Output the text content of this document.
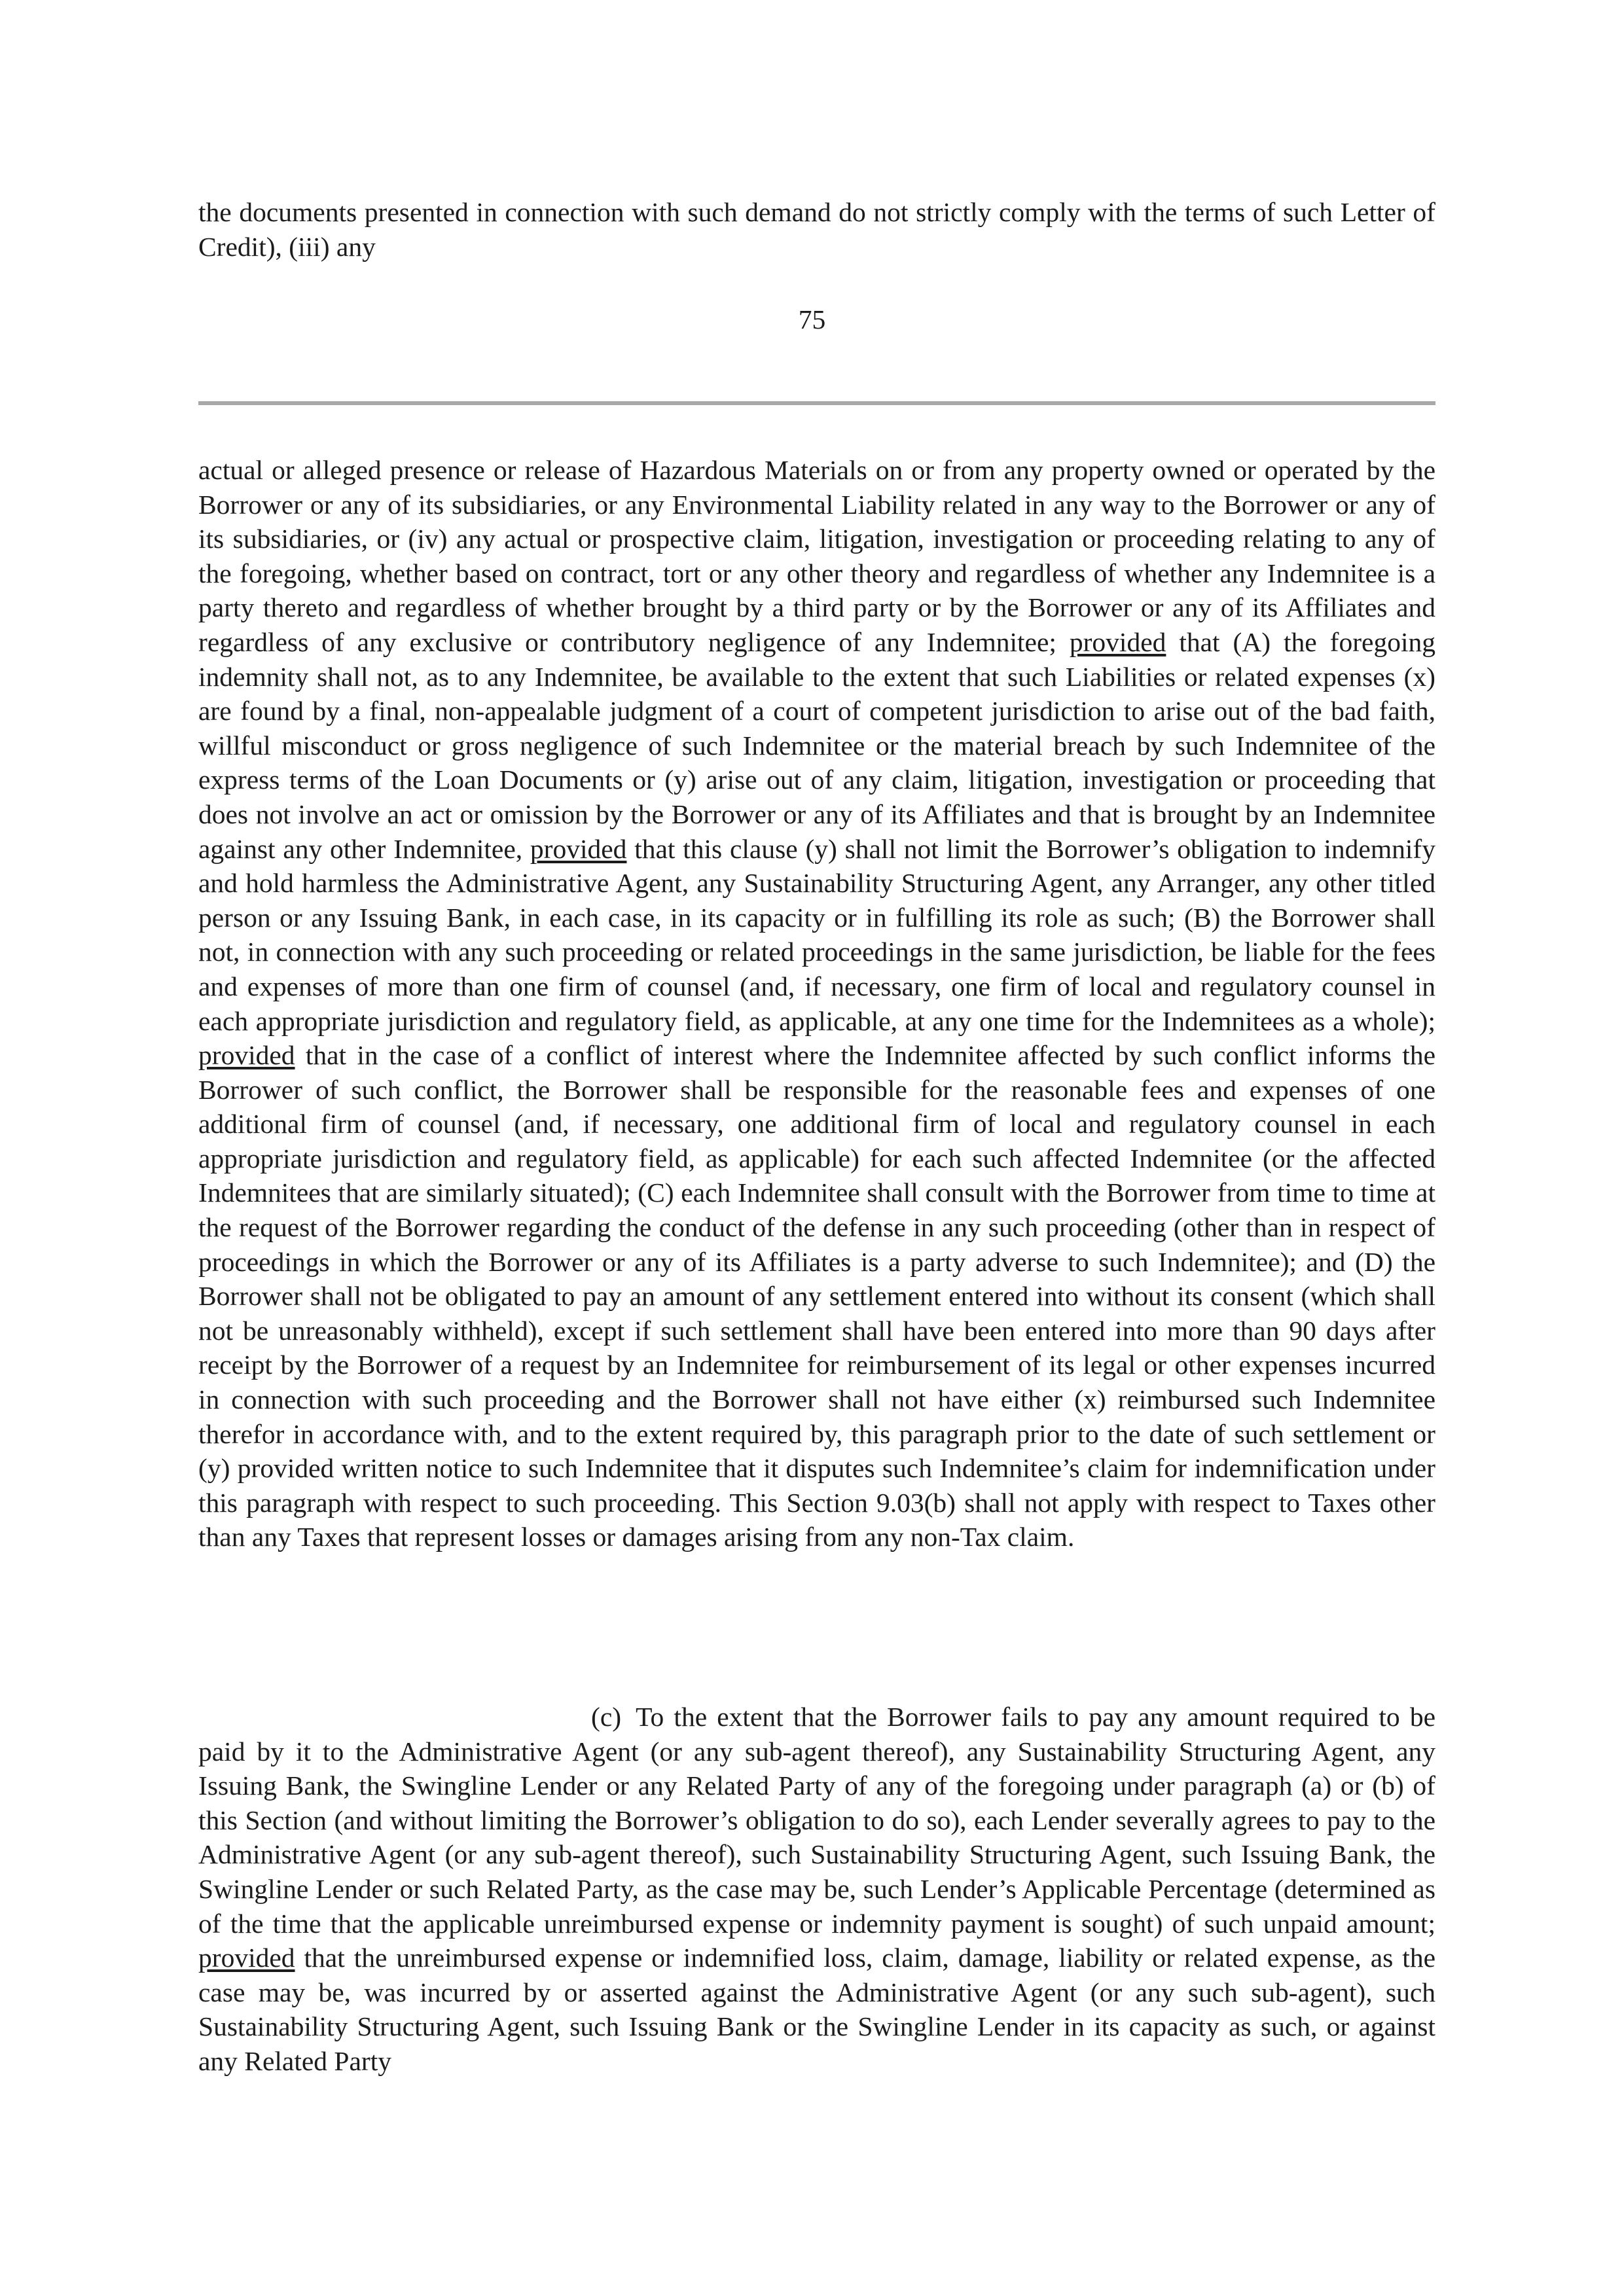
the documents presented in connection with such demand do not strictly comply with the terms of such Letter of Credit), (iii) any

75

actual or alleged presence or release of Hazardous Materials on or from any property owned or operated by the Borrower or any of its subsidiaries, or any Environmental Liability related in any way to the Borrower or any of its subsidiaries, or (iv) any actual or prospective claim, litigation, investigation or proceeding relating to any of the foregoing, whether based on contract, tort or any other theory and regardless of whether any Indemnitee is a party thereto and regardless of whether brought by a third party or by the Borrower or any of its Affiliates and regardless of any exclusive or contributory negligence of any Indemnitee; provided that (A) the foregoing indemnity shall not, as to any Indemnitee, be available to the extent that such Liabilities or related expenses (x) are found by a final, non-appealable judgment of a court of competent jurisdiction to arise out of the bad faith, willful misconduct or gross negligence of such Indemnitee or the material breach by such Indemnitee of the express terms of the Loan Documents or (y) arise out of any claim, litigation, investigation or proceeding that does not involve an act or omission by the Borrower or any of its Affiliates and that is brought by an Indemnitee against any other Indemnitee, provided that this clause (y) shall not limit the Borrower’s obligation to indemnify and hold harmless the Administrative Agent, any Sustainability Structuring Agent, any Arranger, any other titled person or any Issuing Bank, in each case, in its capacity or in fulfilling its role as such; (B) the Borrower shall not, in connection with any such proceeding or related proceedings in the same jurisdiction, be liable for the fees and expenses of more than one firm of counsel (and, if necessary, one firm of local and regulatory counsel in each appropriate jurisdiction and regulatory field, as applicable, at any one time for the Indemnitees as a whole); provided that in the case of a conflict of interest where the Indemnitee affected by such conflict informs the Borrower of such conflict, the Borrower shall be responsible for the reasonable fees and expenses of one additional firm of counsel (and, if necessary, one additional firm of local and regulatory counsel in each appropriate jurisdiction and regulatory field, as applicable) for each such affected Indemnitee (or the affected Indemnitees that are similarly situated); (C) each Indemnitee shall consult with the Borrower from time to time at the request of the Borrower regarding the conduct of the defense in any such proceeding (other than in respect of proceedings in which the Borrower or any of its Affiliates is a party adverse to such Indemnitee); and (D) the Borrower shall not be obligated to pay an amount of any settlement entered into without its consent (which shall not be unreasonably withheld), except if such settlement shall have been entered into more than 90 days after receipt by the Borrower of a request by an Indemnitee for reimbursement of its legal or other expenses incurred in connection with such proceeding and the Borrower shall not have either (x) reimbursed such Indemnitee therefor in accordance with, and to the extent required by, this paragraph prior to the date of such settlement or (y) provided written notice to such Indemnitee that it disputes such Indemnitee’s claim for indemnification under this paragraph with respect to such proceeding. This Section 9.03(b) shall not apply with respect to Taxes other than any Taxes that represent losses or damages arising from any non-Tax claim.

(c) To the extent that the Borrower fails to pay any amount required to be paid by it to the Administrative Agent (or any sub-agent thereof), any Sustainability Structuring Agent, any Issuing Bank, the Swingline Lender or any Related Party of any of the foregoing under paragraph (a) or (b) of this Section (and without limiting the Borrower’s obligation to do so), each Lender severally agrees to pay to the Administrative Agent (or any sub-agent thereof), such Sustainability Structuring Agent, such Issuing Bank, the Swingline Lender or such Related Party, as the case may be, such Lender’s Applicable Percentage (determined as of the time that the applicable unreimbursed expense or indemnity payment is sought) of such unpaid amount; provided that the unreimbursed expense or indemnified loss, claim, damage, liability or related expense, as the case may be, was incurred by or asserted against the Administrative Agent (or any such sub-agent), such Sustainability Structuring Agent, such Issuing Bank or the Swingline Lender in its capacity as such, or against any Related Party
